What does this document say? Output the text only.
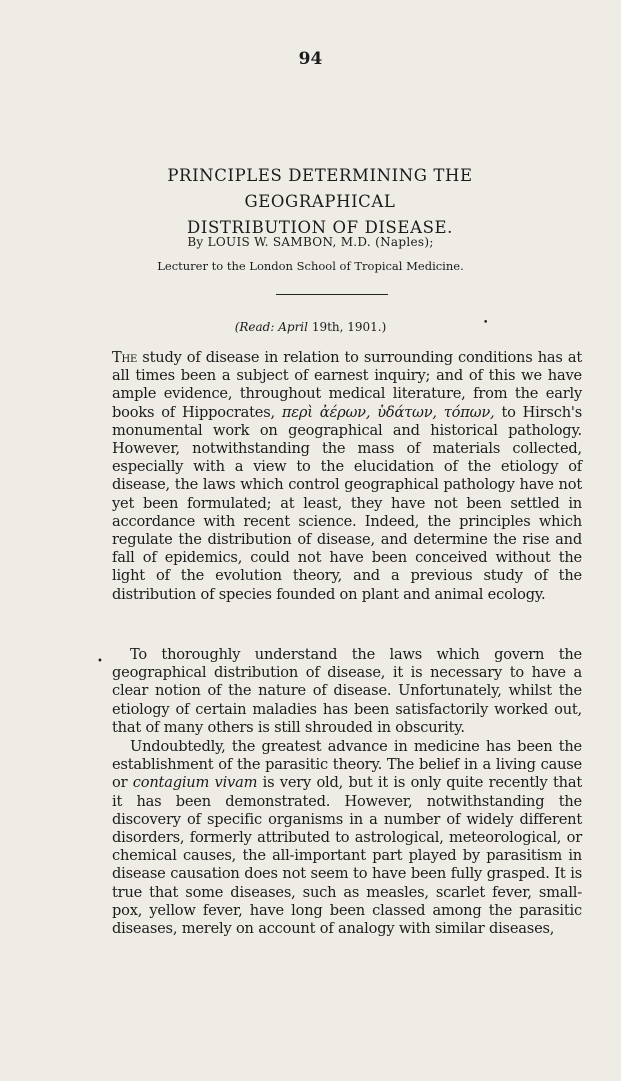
94
PRINCIPLES DETERMINING THE GEOGRAPHICAL
DISTRIBUTION OF DISEASE.
By LOUIS W. SAMBON, M.D. (Naples);
Lecturer to the London School of Tropical Medicine.
(Read: April 19th, 1901.)	•

The study of disease in relation to surrounding conditions has at all times been a subject of earnest inquiry; and of this we have ample evidence, throughout medical literature, from the early books of Hippocrates, περὶ ἀέρων, ὑδάτων, τόπων, to Hirsch's monumental work on geographical and historical pathology. However, notwithstanding the mass of materials collected, especially with a view to the elucidation of the etiology of disease, the laws which control geographical pathology have not yet been formulated; at least, they have not been settled in accordance with recent science. Indeed, the principles which regulate the distribution of disease, and determine the rise and fall of epidemics, could not have been conceived without the light of the evolution theory, and a previous study of the distribution of species founded on plant and animal ecology.

•	To thoroughly understand the laws which govern the geographical distribution of disease, it is necessary to have a clear notion of the nature of disease. Unfortunately, whilst the etiology of certain maladies has been satisfactorily worked out, that of many others is still shrouded in obscurity.

Undoubtedly, the greatest advance in medicine has been the establishment of the parasitic theory. The belief in a living cause or contagium vivam is very old, but it is only quite recently that it has been demonstrated. However, notwithstanding the discovery of specific organisms in a number of widely different disorders, formerly attributed to astrological, meteorological, or chemical causes, the all-important part played by parasitism in disease causation does not seem to have been fully grasped. It is true that some diseases, such as measles, scarlet fever, small-pox, yellow fever, have long been classed among the parasitic diseases, merely on account of analogy with similar diseases,
